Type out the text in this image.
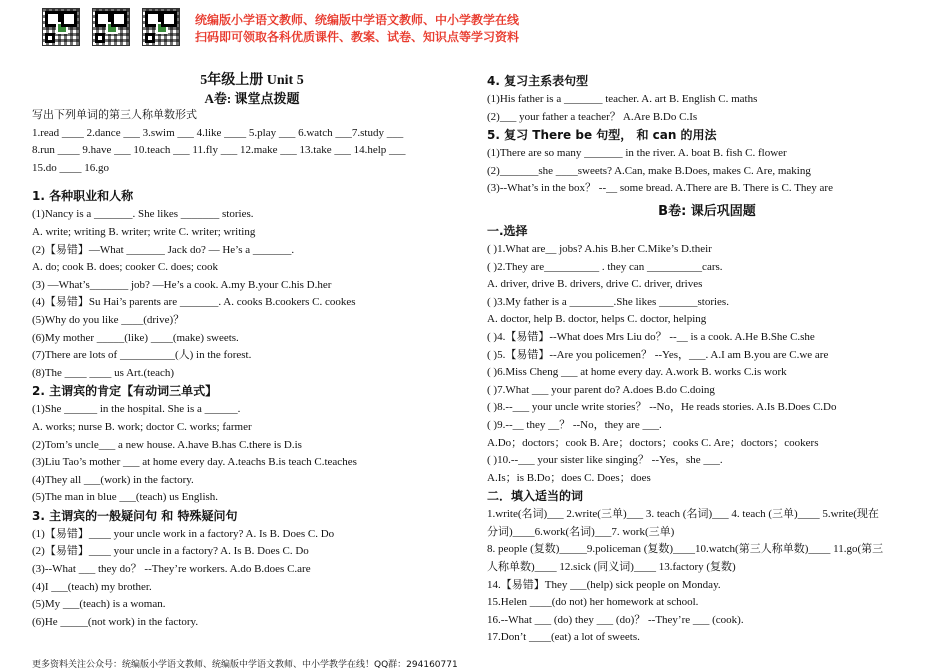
统编版小学语文教师、统编版中学语文教师、中小学教学在线
扫码即可领取各科优质课件、教案、试卷、知识点等学习资料
5年级上册 Unit 5
A卷: 课堂点拨题
写出下列单词的第三人称单数形式
1.read ____ 2.dance ___ 3.swim ___ 4.like ____ 5.play ___ 6.watch ___7.study ___
8.run ____ 9.have ___ 10.teach ___ 11.fly ___ 12.make ___ 13.take ___ 14.help ___
15.do ____ 16.go
1. 各种职业和人称
(1)Nancy is a _______. She likes _______ stories.
A. write; writing B. writer; write C. writer; writing
(2)【易错】—What _______ Jack do? — He’s a _______.
A. do; cook B. does; cooker C. does; cook
(3) —What’s_______ job? —He’s a cook. A.my B.your C.his D.her
(4)【易错】Su Hai’s parents are _______. A. cooks B.cookers C. cookes
(5)Why do you like ____(drive)？
(6)My mother _____(like) ____(make) sweets.
(7)There are lots of __________(人) in the forest.
(8)The ____ ____ us Art.(teach)
2. 主谓宾的肯定【有动词三单式】
(1)She ______ in the hospital. She is a ______.
A. works; nurse B. work; doctor C. works; farmer
(2)Tom’s uncle___ a new house. A.have B.has C.there is D.is
(3)Liu Tao’s mother ___ at home every day. A.teachs B.is teach C.teaches
(4)They all ___(work) in the factory.
(5)The man in blue ___(teach) us English.
3. 主谓宾的一般疑问句 和 特殊疑问句
(1)【易错】____ your uncle work in a factory? A. Is B. Does C. Do
(2)【易错】____ your uncle in a factory? A. Is B. Does C. Do
(3)--What ___ they do？ --They’re workers. A.do B.does C.are
(4)I ___(teach) my brother.
(5)My ___(teach) is a woman.
(6)He _____(not work) in the factory.
4. 复习主系表句型
(1)His father is a _______ teacher. A. art B. English C. maths
(2)___ your father a teacher？ A.Are B.Do C.Is
5. 复习 There be 句型， 和 can 的用法
(1)There are so many _______ in the river. A. boat B. fish C. flower
(2)_______she ____sweets? A.Can, make B.Does, makes C. Are, making
(3)--What’s in the box？ --__ some bread. A.There are B. There is C. They are
B卷: 课后巩固题
一.选择
( )1.What are__ jobs? A.his B.her C.Mike’s D.their
( )2.They are__________ . they can __________cars.
A. driver, drive B. drivers, drive C. driver, drives
( )3.My father is a ________.She likes _______stories.
A. doctor, help B. doctor, helps C. doctor, helping
( )4.【易错】--What does Mrs Liu do？ --__ is a cook. A.He B.She C.she
( )5.【易错】--Are you policemen？ --Yes，___. A.I am B.you are C.we are
( )6.Miss Cheng ___ at home every day. A.work B. works C.is work
( )7.What ___ your parent do? A.does B.do C.doing
( )8.--___ your uncle write stories？ --No，He reads stories. A.Is B.Does C.Do
( )9.--__ they __？ --No，they are ___.
A.Do；doctors；cook B. Are；doctors；cooks C. Are；doctors；cookers
( )10.--___ your sister like singing？ --Yes，she ___.
A.Is；is B.Do；does C. Does；does
二．填入适当的词
1.write(名词)___ 2.write(三单)___ 3. teach (名词)___ 4. teach (三单)____ 5.write(现在
分词)____6.work(名词)___7. work(三单)
8. people (复数)_____9.policeman (复数)____10.watch(第三人称单数)____ 11.go(第三
人称单数)____ 12.sick (同义词)____ 13.factory (复数)
14.【易错】They ___(help) sick people on Monday.
15.Helen ____(do not) her homework at school.
16.--What ___ (do) they ___ (do)？ --They’re ___ (cook).
17.Don’t ____(eat) a lot of sweets.
更多资料关注公众号：统编版小学语文教师、统编版中学语文教师、中小学教学在线！QQ群：294160771
